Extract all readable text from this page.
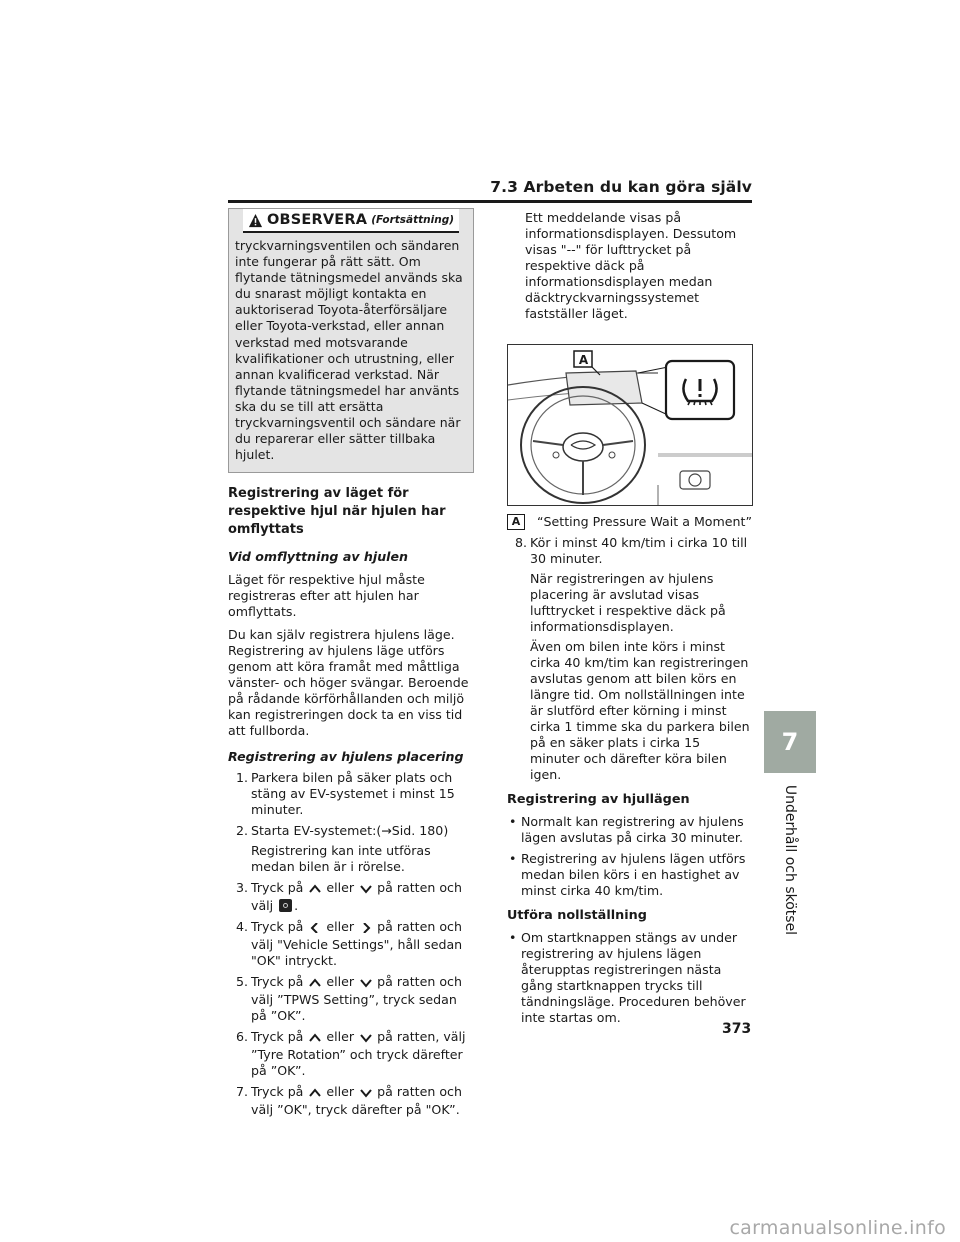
7.3 Arbeten du kan göra själv
OBSERVERA (Fortsättning)
tryckvarningsventilen och sändaren inte fungerar på rätt sätt. Om flytande tätningsmedel används ska du snarast möjligt kontakta en auktoriserad Toyota-återförsäljare eller Toyota-verkstad, eller annan verkstad med motsvarande kvalifikationer och utrustning, eller annan kvalificerad verkstad. När flytande tätningsmedel har använts ska du se till att ersätta tryckvarningsventil och sändare när du reparerar eller sätter tillbaka hjulet.
Registrering av läget för respektive hjul när hjulen har omflyttats
Vid omflyttning av hjulen

Läget för respektive hjul måste registreras efter att hjulen har omflyttats.

Du kan själv registrera hjulens läge. Registrering av hjulens läge utförs genom att köra framåt med måttliga vänster- och höger svängar. Beroende på rådande körförhållanden och miljö kan registreringen dock ta en viss tid att fullborda.

Registrering av hjulens placering
1. Parkera bilen på säker plats och stäng av EV-systemet i minst 15 minuter.
2. Starta EV-systemet:(→Sid. 180)

Registrering kan inte utföras medan bilen är i rörelse.

3. Tryck på  eller  på ratten och välj .
4. Tryck på  eller  på ratten och välj "Vehicle Settings", håll sedan "OK" intryckt.
5. Tryck på  eller  på ratten och välj ”TPWS Setting”, tryck sedan på ”OK”.
6. Tryck på  eller  på ratten, välj ”Tyre Rotation” och tryck därefter på ”OK”.
7. Tryck på  eller  på ratten och välj ”OK", tryck därefter på "OK”.

Ett meddelande visas på informationsdisplayen. Dessutom visas "--" för lufttrycket på respektive däck på informationsdisplayen medan däcktryckvarningssystemet fastställer läget.

A

A “Setting Pressure Wait a Moment”

8. Kör i minst 40 km/tim i cirka 10 till 30 minuter.

När registreringen av hjulens placering är avslutad visas lufttrycket i respektive däck på informationsdisplayen.

Även om bilen inte körs i minst cirka 40 km/tim kan registreringen avslutas genom att bilen körs en längre tid. Om nollställningen inte är slutförd efter körning i minst cirka 1 timme ska du parkera bilen på en säker plats i cirka 15 minuter och därefter köra bilen igen.

Registrering av hjullägen
• Normalt kan registrering av hjulens lägen avslutas på cirka 30 minuter.
• Registrering av hjulens lägen utförs medan bilen körs i en hastighet av minst cirka 40 km/tim.
Utföra nollställning
• Om startknappen stängs av under registrering av hjulens lägen återupptas registreringen nästa gång startknappen trycks till tändningsläge. Proceduren behöver inte startas om.
7
Underhåll och skötsel
373
carmanualsonline.info
